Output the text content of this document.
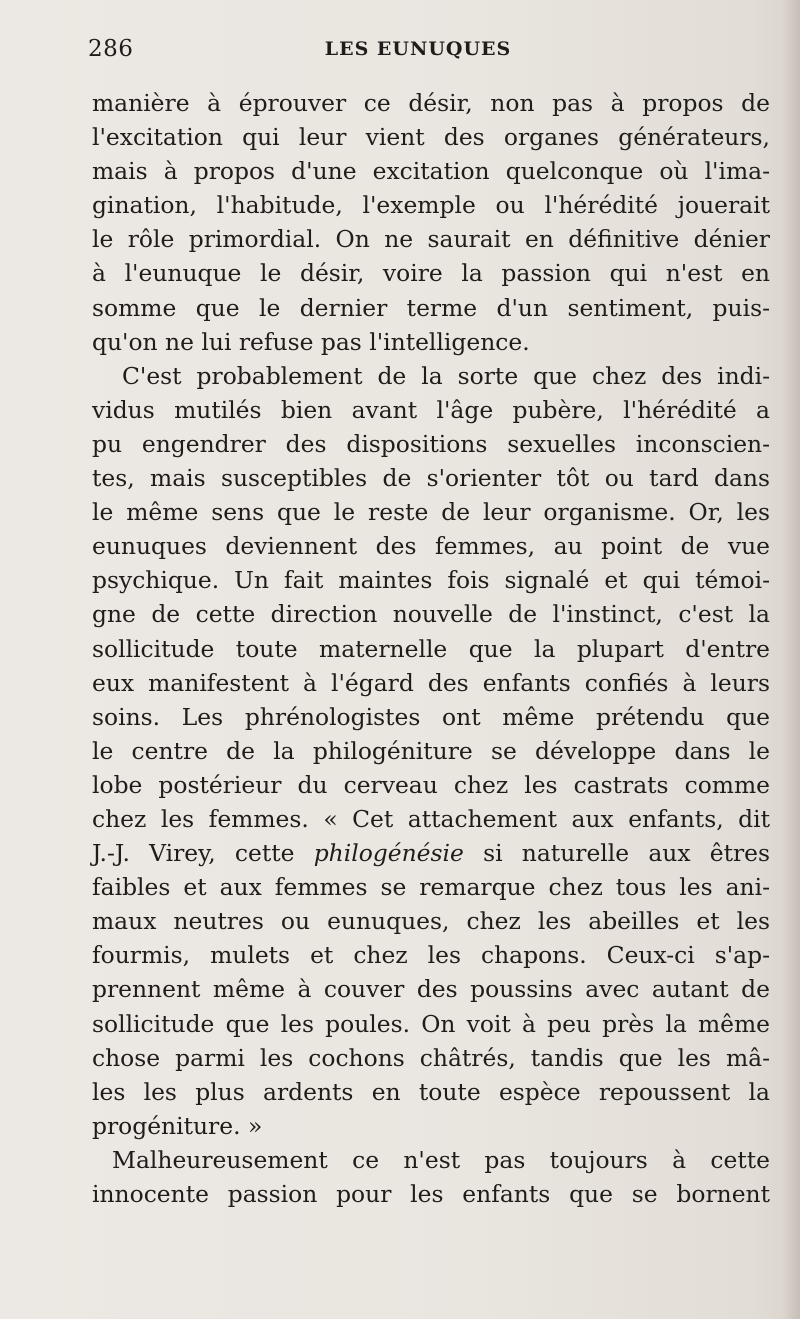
286	LES EUNUQUES
manière à éprouver ce désir, non pas à propos de
l'excitation qui leur vient des organes générateurs,
mais à propos d'une excitation quelconque où l'ima-
gination, l'habitude, l'exemple ou l'hérédité jouerait
le rôle primordial. On ne saurait en définitive dénier
à l'eunuque le désir, voire la passion qui n'est en
somme que le dernier terme d'un sentiment, puis-
qu'on ne lui refuse pas l'intelligence.
C'est probablement de la sorte que chez des indi-
vidus mutilés bien avant l'âge pubère, l'hérédité a
pu engendrer des dispositions sexuelles inconscien-
tes, mais susceptibles de s'orienter tôt ou tard dans
le même sens que le reste de leur organisme. Or, les
eunuques deviennent des femmes, au point de vue
psychique. Un fait maintes fois signalé et qui témoi-
gne de cette direction nouvelle de l'instinct, c'est la
sollicitude toute maternelle que la plupart d'entre
eux manifestent à l'égard des enfants confiés à leurs
soins. Les phrénologistes ont même prétendu que
le centre de la philogéniture se développe dans le
lobe postérieur du cerveau chez les castrats comme
chez les femmes. « Cet attachement aux enfants, dit
J.-J. Virey, cette philogénésie si naturelle aux êtres
faibles et aux femmes se remarque chez tous les ani-
maux neutres ou eunuques, chez les abeilles et les
fourmis, mulets et chez les chapons. Ceux-ci s'ap-
prennent même à couver des poussins avec autant de
sollicitude que les poules. On voit à peu près la même
chose parmi les cochons châtrés, tandis que les mâ-
les les plus ardents en toute espèce repoussent la
progéniture. »
Malheureusement ce n'est pas toujours à cette
innocente passion pour les enfants que se bornent
